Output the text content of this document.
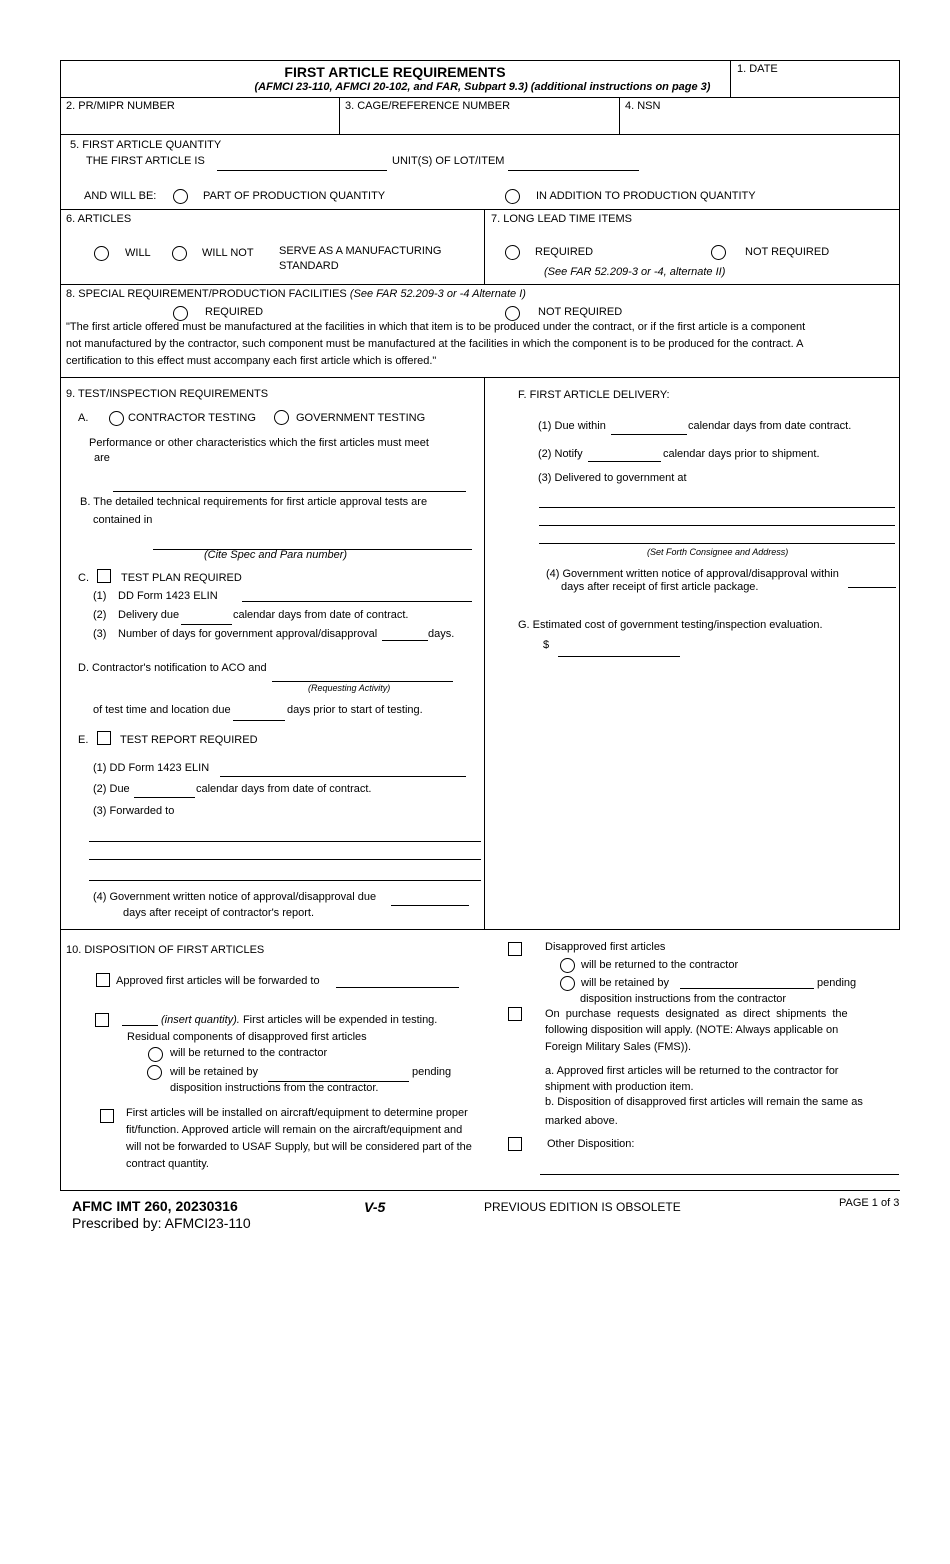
FIRST ARTICLE REQUIREMENTS
(AFMCI 23-110, AFMCI 20-102, and FAR, Subpart 9.3) (additional instructions on page 3)
1. DATE
2. PR/MIPR NUMBER	3. CAGE/REFERENCE NUMBER	4. NSN
5. FIRST ARTICLE QUANTITY
THE FIRST ARTICLE IS	UNIT(S) OF LOT/ITEM
AND WILL BE:	PART OF PRODUCTION QUANTITY	IN ADDITION TO PRODUCTION QUANTITY
6. ARTICLES
WILL	WILL NOT SERVE AS A MANUFACTURING
STANDARD
7. LONG LEAD TIME ITEMS
REQUIRED	NOT REQUIRED
(See FAR 52.209-3 or -4, alternate II)
8. SPECIAL REQUIREMENT/PRODUCTION FACILITIES (See FAR 52.209-3 or -4 Alternate I)
REQUIRED	NOT REQUIRED
"The first article offered must be manufactured at the facilities in which that item is to be produced under the contract, or if the first article is a component
not manufactured by the contractor, such component must be manufactured at the facilities in which the component is to be produced for the contract. A
certification to this effect must accompany each first article which is offered."
9. TEST/INSPECTION REQUIREMENTS
A.	CONTRACTOR TESTING	GOVERNMENT TESTING
Performance or other characteristics which the first articles must meet
are
B. The detailed technical requirements for first article approval tests are
contained in
(Cite Spec and Para number)
C.	TEST PLAN REQUIRED
(1) DD Form 1423 ELIN
(2) Delivery due	calendar days from date of contract.
(3) Number of days for government approval/disapproval	days.
D. Contractor's notification to ACO and
(Requesting Activity)
of test time and location due	days prior to start of testing.
E.	TEST REPORT REQUIRED
(1) DD Form 1423 ELIN
(2) Due	calendar days from date of contract.
(3) Forwarded to
(4) Government written notice of approval/disapproval due
days after receipt of contractor's report.
F. FIRST ARTICLE DELIVERY:
(1) Due within	calendar days from date contract.
(2) Notify	calendar days prior to shipment.
(3) Delivered to government at
(Set Forth Consignee and Address)
(4) Government written notice of approval/disapproval within
days after receipt of first article package.
G. Estimated cost of government testing/inspection evaluation.
$
10. DISPOSITION OF FIRST ARTICLES
Approved first articles will be forwarded to
(insert quantity). First articles will be expended in testing.
Residual components of disapproved first articles
will be returned to the contractor
will be retained by	pending
disposition instructions from the contractor.
First articles will be installed on aircraft/equipment to determine proper
fit/function. Approved article will remain on the aircraft/equipment and
will not be forwarded to USAF Supply, but will be considered part of the
contract quantity.
Disapproved first articles
will be returned to the contractor
will be retained by	pending
disposition instructions from the contractor
On  purchase  requests  designated  as  direct  shipments  the
following disposition will apply. (NOTE: Always applicable on
Foreign Military Sales (FMS)).
a. Approved first articles will be returned to the contractor for
shipment with production item.
b. Disposition of disapproved first articles will remain the same as
marked above.
Other Disposition:
AFMC IMT 260, 20230316
Prescribed by: AFMCI23-110
V-5	PREVIOUS EDITION IS OBSOLETE	PAGE 1 of 3
